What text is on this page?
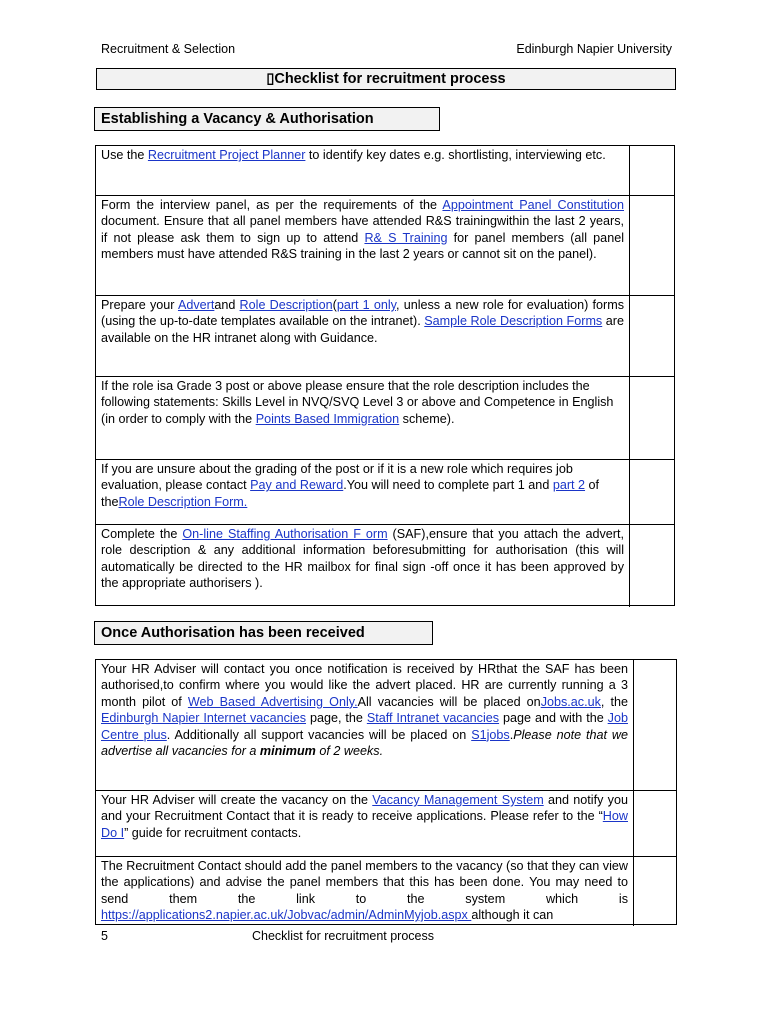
Recruitment & Selection	Edinburgh Napier University
▯Checklist for recruitment process
Establishing a Vacancy & Authorisation
Use the Recruitment Project Planner to identify key dates e.g. shortlisting, interviewing etc.
Form the interview panel, as per the requirements of the Appointment Panel Constitution document. Ensure that all panel members have attended R&S trainingwithin the last 2 years, if not please ask them to sign up to attend R& S Training for panel members (all panel members must have attended R&S training in the last 2 years or cannot sit on the panel).
Prepare your Advertand Role Description(part 1 only, unless a new role for evaluation) forms (using the up-to-date templates available on the intranet). Sample Role Description Forms are available on the HR intranet along with Guidance.
If the role isa Grade 3 post or above please ensure that the role description includes the following statements: Skills Level in NVQ/SVQ Level 3 or above and Competence in English (in order to comply with the Points Based Immigration scheme).
If you are unsure about the grading of the post or if it is a new role which requires job evaluation, please contact Pay and Reward.You will need to complete part 1 and part 2 of theRole Description Form.
Complete the On-line Staffing Authorisation F orm (SAF),ensure that you attach the advert, role description & any additional information beforesubmitting for authorisation (this will automatically be directed to the HR mailbox for final sign -off once it has been approved by the appropriate authorisers ).
Once Authorisation has been received
Your HR Adviser will contact you once notification is received by HRthat the SAF has been authorised,to confirm where you would like the advert placed. HR are currently running a 3 month pilot of Web Based Advertising Only.All vacancies will be placed onJobs.ac.uk, the Edinburgh Napier Internet vacancies page, the Staff Intranet vacancies page and with the Job Centre plus. Additionally all support vacancies will be placed on S1jobs.Please note that we advertise all vacancies for a minimum of 2 weeks.
Your HR Adviser will create the vacancy on the Vacancy Management System and notify you and your Recruitment Contact that it is ready to receive applications. Please refer to the “How Do I” guide for recruitment contacts.
The Recruitment Contact should add the panel members to the vacancy (so that they can view the applications) and advise the panel members that this has been done. You may need to send them the link to the system which is https://applications2.napier.ac.uk/Jobvac/admin/AdminMyjob.aspx although it can
5	Checklist for recruitment process
